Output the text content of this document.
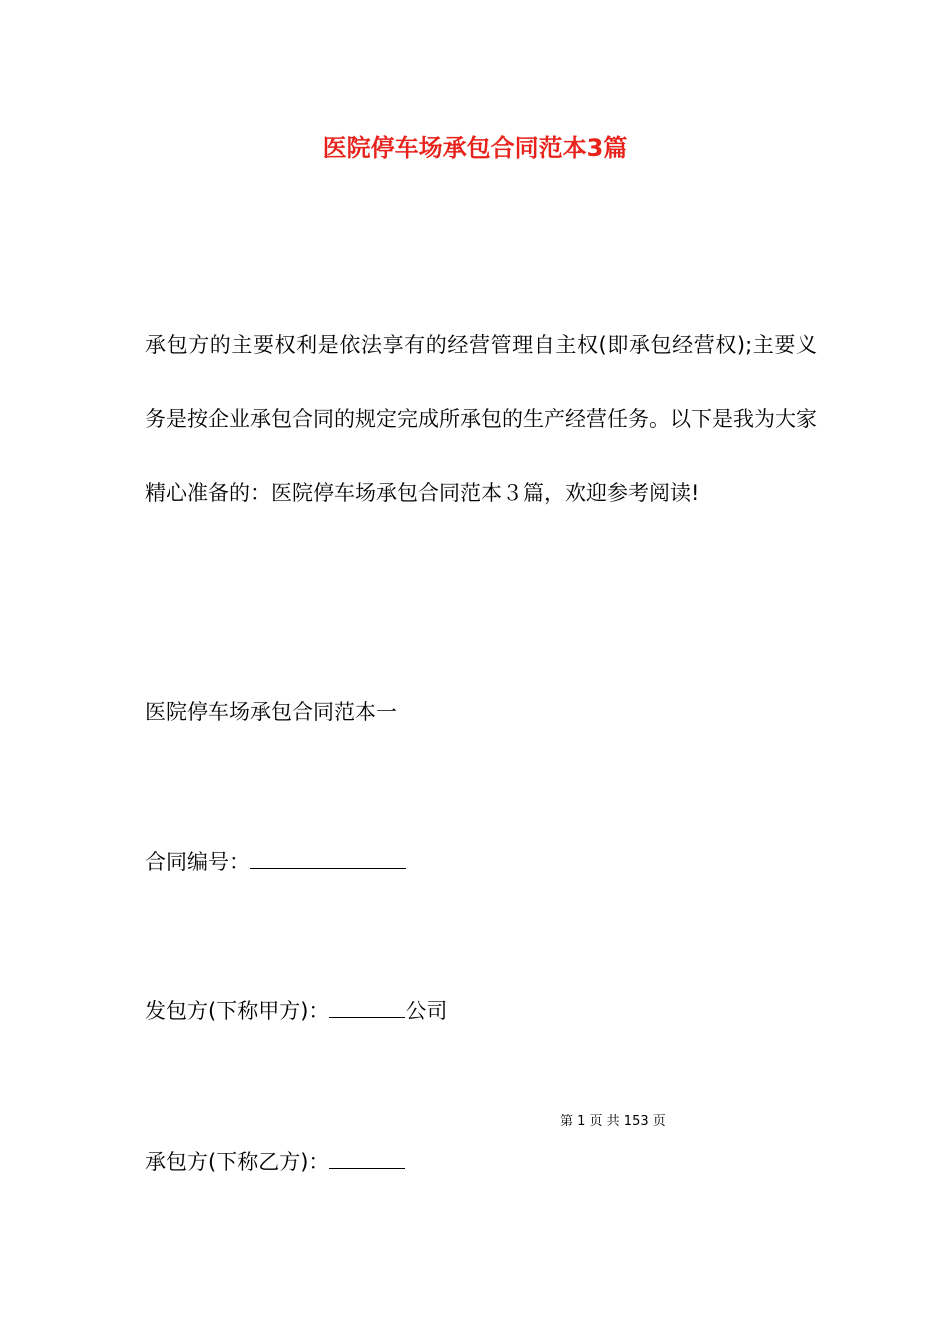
医院停车场承包合同范本3篇

承包方的主要权利是依法享有的经营管理自主权(即承包经营权);主要义务是按企业承包合同的规定完成所承包的生产经营任务。以下是我为大家精心准备的：医院停车场承包合同范本３篇，欢迎参考阅读!

医院停车场承包合同范本一

合同编号：

发包方(下称甲方)：	公司

第 1 页 共 153 页

承包方(下称乙方)：
